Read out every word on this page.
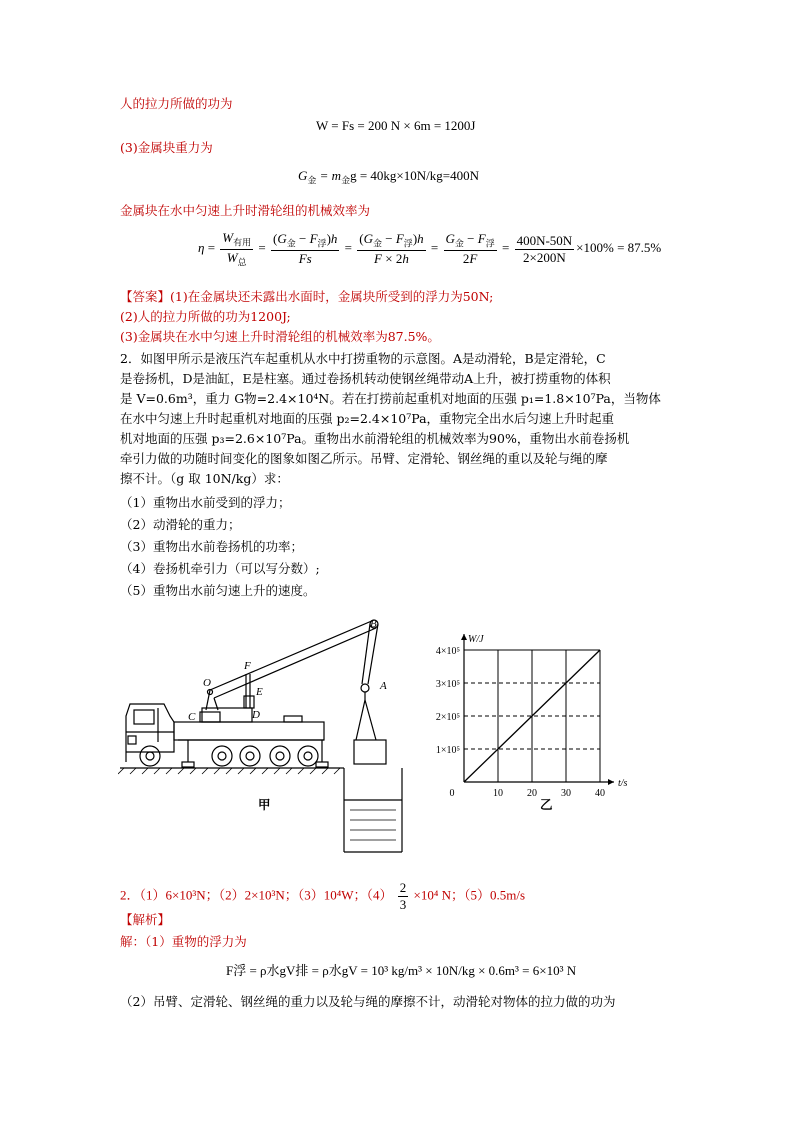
人的拉力所做的功为
W = Fs = 200 N × 6m = 1200J
(3)金属块重力为
$G_金 = m_金g = 40kg\times 10N/kg=400N$
金属块在水中匀速上升时滑轮组的机械效率为
$\eta = \frac{W_{有用}}{W_总} = \frac{(G_金 - F_浮)h}{Fs} = \frac{(G_金 - F_浮)h}{F \times 2h} = \frac{G_金 - F_浮}{2F} = \frac{400N-50N}{2\times 200N} \times 100\% = 87.5\%$
【答案】(1)在金属块还未露出水面时，金属块所受到的浮力为50N;
(2)人的拉力所做的功为1200J;
(3)金属块在水中匀速上升时滑轮组的机械效率为87.5%。
2．如图甲所示是液压汽车起重机从水中打捞重物的示意图。A是动滑轮，B是定滑轮，C
是卷扬机，D是油缸，E是柱塞。通过卷扬机转动使钢丝绳带动A上升，被打捞重物的体积
是 V=0.6m³，重力 G物=2.4×10⁴N。若在打捞前起重机对地面的压强 p₁=1.8×10⁷Pa，当物体
在水中匀速上升时起重机对地面的压强 p₂=2.4×10⁷Pa，重物完全出水后匀速上升时起重
机对地面的压强 p₃=2.6×10⁷Pa。重物出水前滑轮组的机械效率为90%，重物出水前卷扬机
牵引力做的功随时间变化的图象如图乙所示。吊臂、定滑轮、钢丝绳的重以及轮与绳的摩
擦不计。（g 取 10N/kg）求：
（1）重物出水前受到的浮力；
（2）动滑轮的重力；
（3）重物出水前卷扬机的功率；
（4）卷扬机牵引力（可以写分数）;
（5）重物出水前匀速上升的速度。
B
A
C	D
E
F
O
甲
0	10 20 30 40
1×10⁵
2×10⁵
3×10⁵
4×10⁵
t/s
W/J
乙
2．（1）6×10³N；（2）2×10³N；（3）10⁴W；$(4) \frac{2}{3} \times 10^4$ N；（5）0.5m/s
【解析】
解：（1）重物的浮力为
F浮 = ρ水gV排 = ρ水gV = 10³ kg/m³ × 10N/kg × 0.6m³ = 6×10³ N
（2）吊臂、定滑轮、钢丝绳的重力以及轮与绳的摩擦不计，动滑轮对物体的拉力做的功为
